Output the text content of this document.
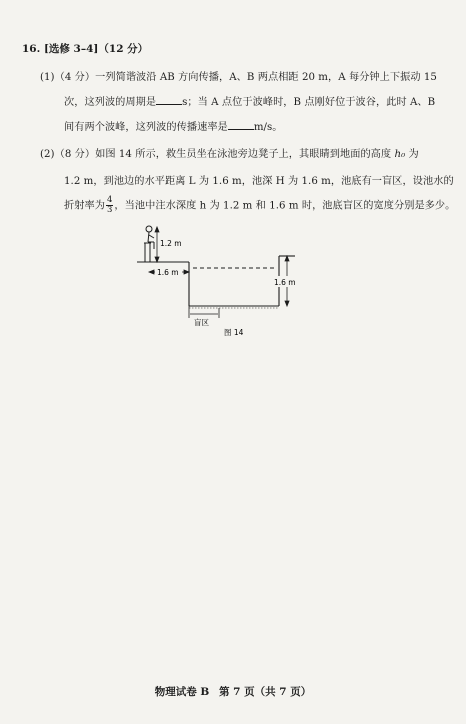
16. [选修 3–4]（12 分）
(1)（4 分）一列简谐波沿 AB 方向传播，A、B 两点相距 20 m，A 每分钟上下振动 15
次，这列波的周期是	s；当 A 点位于波峰时，B 点刚好位于波谷，此时 A、B
间有两个波峰，这列波的传播速率是	m/s。
(2)（8 分）如图 14 所示，救生员坐在泳池旁边凳子上，其眼睛到地面的高度 h₀ 为
1.2 m，到池边的水平距离 L 为 1.6 m，池深 H 为 1.6 m，池底有一盲区，设池水的
折射率为 $\frac{4}{3}$ ，当池中注水深度 h 为 1.2 m 和 1.6 m 时，池底盲区的宽度分别是多少。
1.2 m
1.6 m
1.6 m
盲区
图 14
物理试卷 B 第 7 页（共 7 页）
